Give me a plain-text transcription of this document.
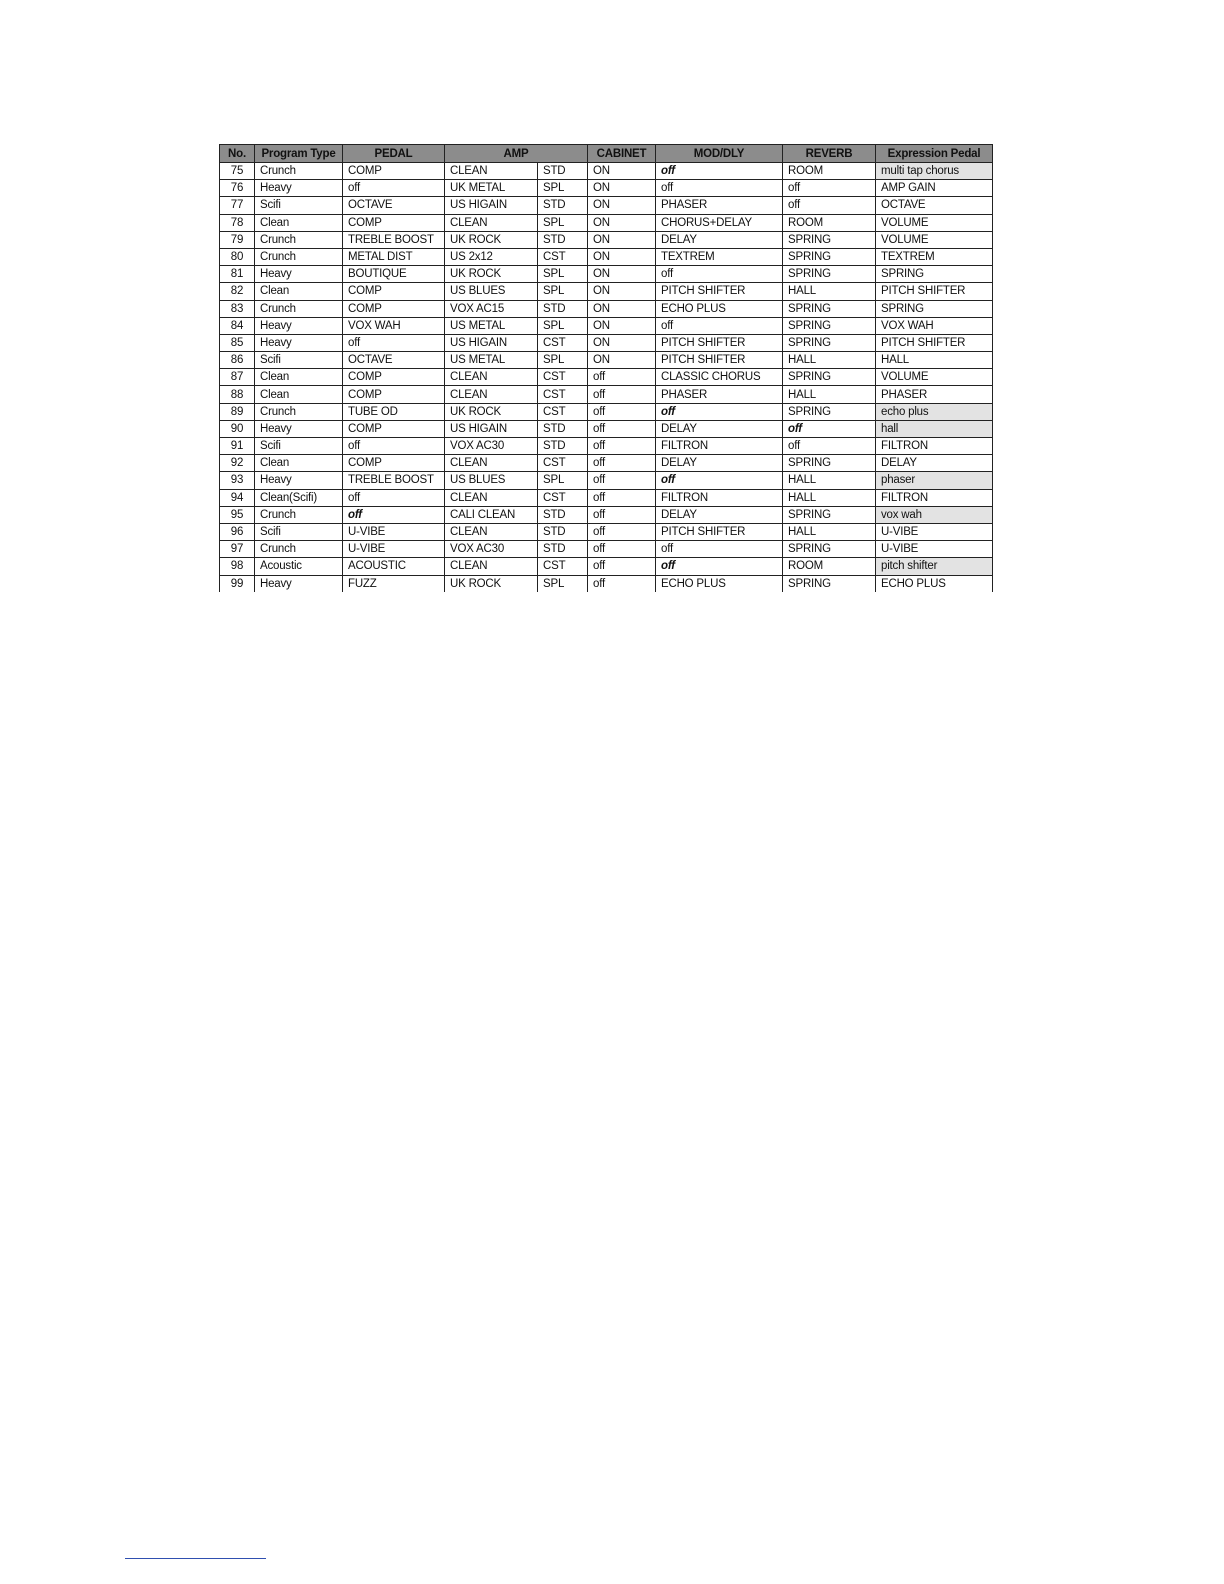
No.	Program Type	PEDAL	AMP		CABINET	MOD/DLY	REVERB	Expression Pedal
75	Crunch	COMP	CLEAN	STD	ON	off	ROOM	multi tap chorus
76	Heavy	off	UK METAL	SPL	ON	off	off	AMP GAIN
77	Scifi	OCTAVE	US HIGAIN	STD	ON	PHASER	off	OCTAVE
78	Clean	COMP	CLEAN	SPL	ON	CHORUS+DELAY	ROOM	VOLUME
79	Crunch	TREBLE BOOST	UK ROCK	STD	ON	DELAY	SPRING	VOLUME
80	Crunch	METAL DIST	US 2x12	CST	ON	TEXTREM	SPRING	TEXTREM
81	Heavy	BOUTIQUE	UK ROCK	SPL	ON	off	SPRING	SPRING
82	Clean	COMP	US BLUES	SPL	ON	PITCH SHIFTER	HALL	PITCH SHIFTER
83	Crunch	COMP	VOX AC15	STD	ON	ECHO PLUS	SPRING	SPRING
84	Heavy	VOX WAH	US METAL	SPL	ON	off	SPRING	VOX WAH
85	Heavy	off	US HIGAIN	CST	ON	PITCH SHIFTER	SPRING	PITCH SHIFTER
86	Scifi	OCTAVE	US METAL	SPL	ON	PITCH SHIFTER	HALL	HALL
87	Clean	COMP	CLEAN	CST	off	CLASSIC CHORUS	SPRING	VOLUME
88	Clean	COMP	CLEAN	CST	off	PHASER	HALL	PHASER
89	Crunch	TUBE OD	UK ROCK	CST	off	off	SPRING	echo plus
90	Heavy	COMP	US HIGAIN	STD	off	DELAY	off	hall
91	Scifi	off	VOX AC30	STD	off	FILTRON	off	FILTRON
92	Clean	COMP	CLEAN	CST	off	DELAY	SPRING	DELAY
93	Heavy	TREBLE BOOST	US BLUES	SPL	off	off	HALL	phaser
94	Clean(Scifi)	off	CLEAN	CST	off	FILTRON	HALL	FILTRON
95	Crunch	off	CALI CLEAN	STD	off	DELAY	SPRING	vox wah
96	Scifi	U-VIBE	CLEAN	STD	off	PITCH SHIFTER	HALL	U-VIBE
97	Crunch	U-VIBE	VOX AC30	STD	off	off	SPRING	U-VIBE
98	Acoustic	ACOUSTIC	CLEAN	CST	off	off	ROOM	pitch shifter
99	Heavy	FUZZ	UK ROCK	SPL	off	ECHO PLUS	SPRING	ECHO PLUS
